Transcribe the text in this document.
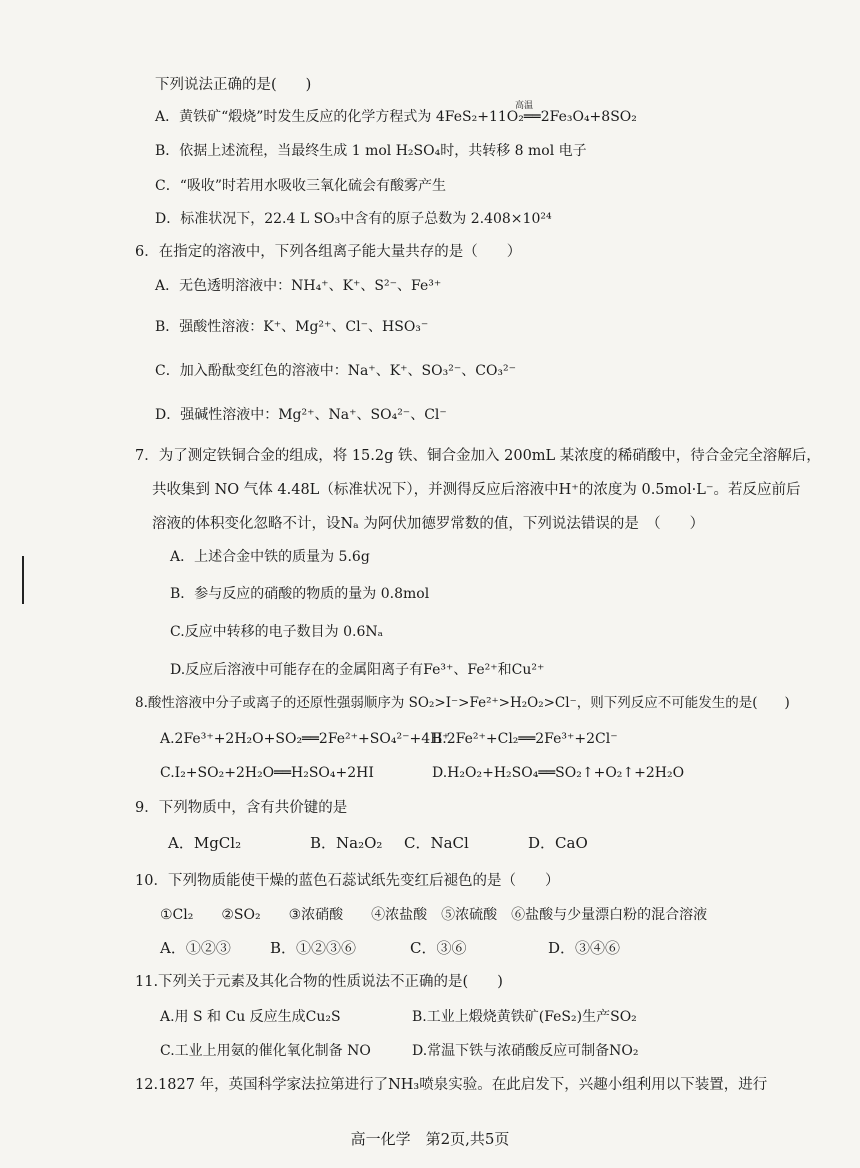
下列说法正确的是(　　)
A．黄铁矿“煅烧”时发生反应的化学方程式为 4FeS₂+11O₂══2Fe₃O₄+8SO₂
高温
B．依据上述流程，当最终生成 1 mol H₂SO₄时，共转移 8 mol 电子
C．“吸收”时若用水吸收三氧化硫会有酸雾产生
D．标准状况下，22.4 L SO₃中含有的原子总数为 2.408×10²⁴
6．在指定的溶液中，下列各组离子能大量共存的是（　　）
A．无色透明溶液中：NH₄⁺、K⁺、S²⁻、Fe³⁺
B．强酸性溶液：K⁺、Mg²⁺、Cl⁻、HSO₃⁻
C．加入酚酞变红色的溶液中：Na⁺、K⁺、SO₃²⁻、CO₃²⁻
D．强碱性溶液中：Mg²⁺、Na⁺、SO₄²⁻、Cl⁻
7．为了测定铁铜合金的组成，将 15.2g 铁、铜合金加入 200mL 某浓度的稀硝酸中，待合金完全溶解后，
共收集到 NO 气体 4.48L（标准状况下），并测得反应后溶液中H⁺的浓度为 0.5mol·L⁻。若反应前后
溶液的体积变化忽略不计，设Nₐ 为阿伏加德罗常数的值，下列说法错误的是　（　　）
A．上述合金中铁的质量为 5.6g
B．参与反应的硝酸的物质的量为 0.8mol
C.反应中转移的电子数目为 0.6Nₐ
D.反应后溶液中可能存在的金属阳离子有Fe³⁺、Fe²⁺和Cu²⁺
8.酸性溶液中分子或离子的还原性强弱顺序为 SO₂>I⁻>Fe²⁺>H₂O₂>Cl⁻，则下列反应不可能发生的是(　　)
A.2Fe³⁺+2H₂O+SO₂══2Fe²⁺+SO₄²⁻+4H⁺
B.2Fe²⁺+Cl₂══2Fe³⁺+2Cl⁻
C.I₂+SO₂+2H₂O══H₂SO₄+2HI	D.H₂O₂+H₂SO₄══SO₂↑+O₂↑+2H₂O
9．下列物质中，含有共价键的是
A．MgCl₂	B．Na₂O₂ C．NaCl	D．CaO
10．下列物质能使干燥的蓝色石蕊试纸先变红后褪色的是（　　）
①Cl₂　　②SO₂　　③浓硝酸　　④浓盐酸　⑤浓硫酸　⑥盐酸与少量漂白粉的混合溶液
A．①②③	B．①②③⑥	C．③⑥	D．③④⑥
11.下列关于元素及其化合物的性质说法不正确的是(　　)
A.用 S 和 Cu 反应生成Cu₂S	B.工业上煅烧黄铁矿(FeS₂)生产SO₂
C.工业上用氨的催化氧化制备 NO	D.常温下铁与浓硝酸反应可制备NO₂
12.1827 年，英国科学家法拉第进行了NH₃喷泉实验。在此启发下，兴趣小组利用以下装置，进行
高一化学　第2页,共5页
